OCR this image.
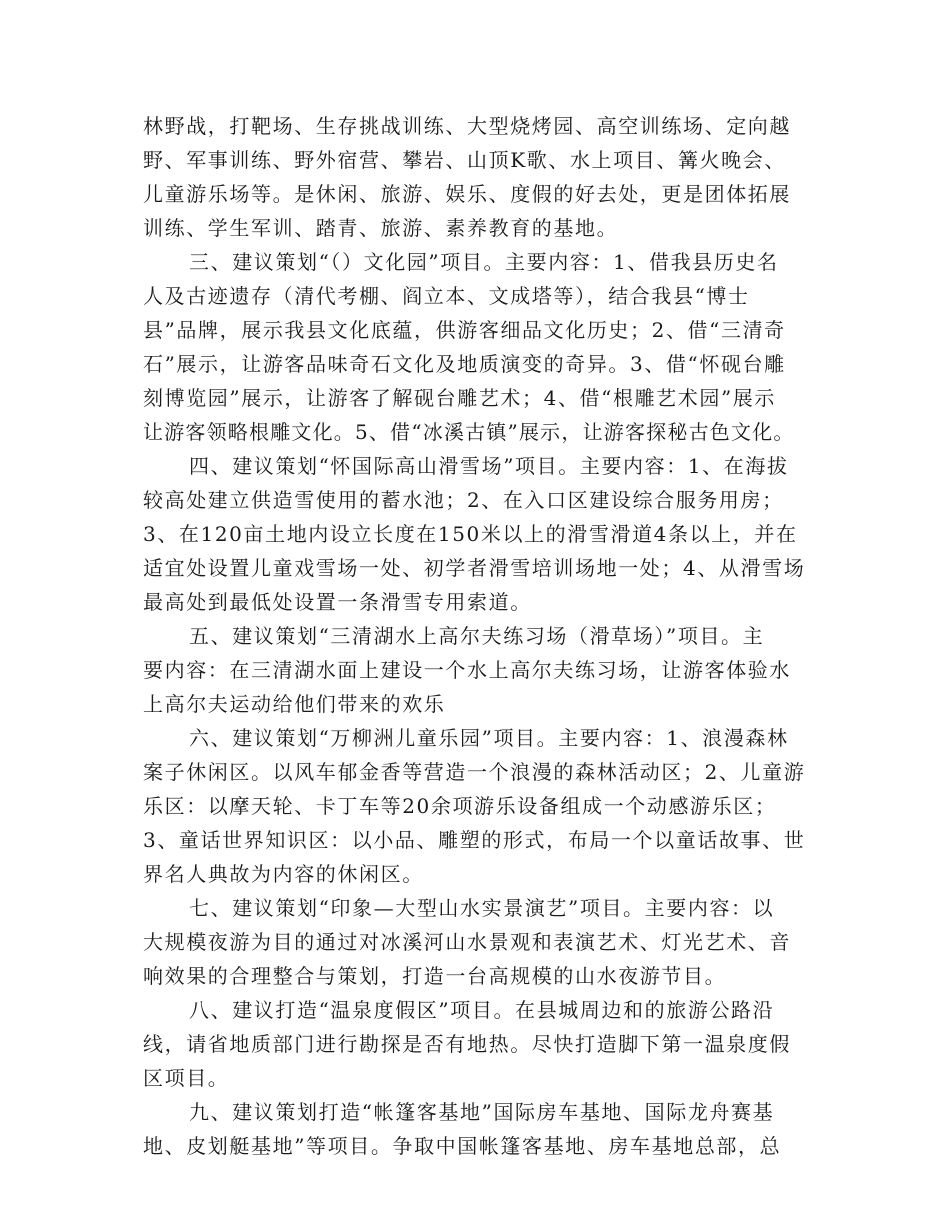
林野战，打靶场、生存挑战训练、大型烧烤园、高空训练场、定向越
野、军事训练、野外宿营、攀岩、山顶K歌、水上项目、篝火晚会、
儿童游乐场等。是休闲、旅游、娱乐、度假的好去处，更是团体拓展
训练、学生军训、踏青、旅游、素养教育的基地。
三、建议策划“（）文化园”项目。主要内容：1、借我县历史名
人及古迹遗存（清代考棚、阎立本、文成塔等），结合我县“博士
县”品牌，展示我县文化底蕴，供游客细品文化历史；2、借“三清奇
石”展示，让游客品味奇石文化及地质演变的奇异。3、借“怀砚台雕
刻博览园”展示，让游客了解砚台雕艺术；4、借“根雕艺术园”展示
让游客领略根雕文化。5、借“冰溪古镇”展示，让游客探秘古色文化。
四、建议策划“怀国际高山滑雪场”项目。主要内容：1、在海拔
较高处建立供造雪使用的蓄水池；2、在入口区建设综合服务用房；
3、在120亩土地内设立长度在150米以上的滑雪滑道4条以上，并在
适宜处设置儿童戏雪场一处、初学者滑雪培训场地一处；4、从滑雪场
最高处到最低处设置一条滑雪专用索道。
五、建议策划“三清湖水上高尔夫练习场（滑草场）”项目。主
要内容：在三清湖水面上建设一个水上高尔夫练习场，让游客体验水
上高尔夫运动给他们带来的欢乐
六、建议策划“万柳洲儿童乐园”项目。主要内容：1、浪漫森林
案子休闲区。以风车郁金香等营造一个浪漫的森林活动区；2、儿童游
乐区：以摩天轮、卡丁车等20余项游乐设备组成一个动感游乐区；
3、童话世界知识区：以小品、雕塑的形式，布局一个以童话故事、世
界名人典故为内容的休闲区。
七、建议策划“印象—大型山水实景演艺”项目。主要内容：以
大规模夜游为目的通过对冰溪河山水景观和表演艺术、灯光艺术、音
响效果的合理整合与策划，打造一台高规模的山水夜游节目。
八、建议打造“温泉度假区”项目。在县城周边和的旅游公路沿
线，请省地质部门进行勘探是否有地热。尽快打造脚下第一温泉度假
区项目。
九、建议策划打造“帐篷客基地”国际房车基地、国际龙舟赛基
地、皮划艇基地”等项目。争取中国帐篷客基地、房车基地总部，总
